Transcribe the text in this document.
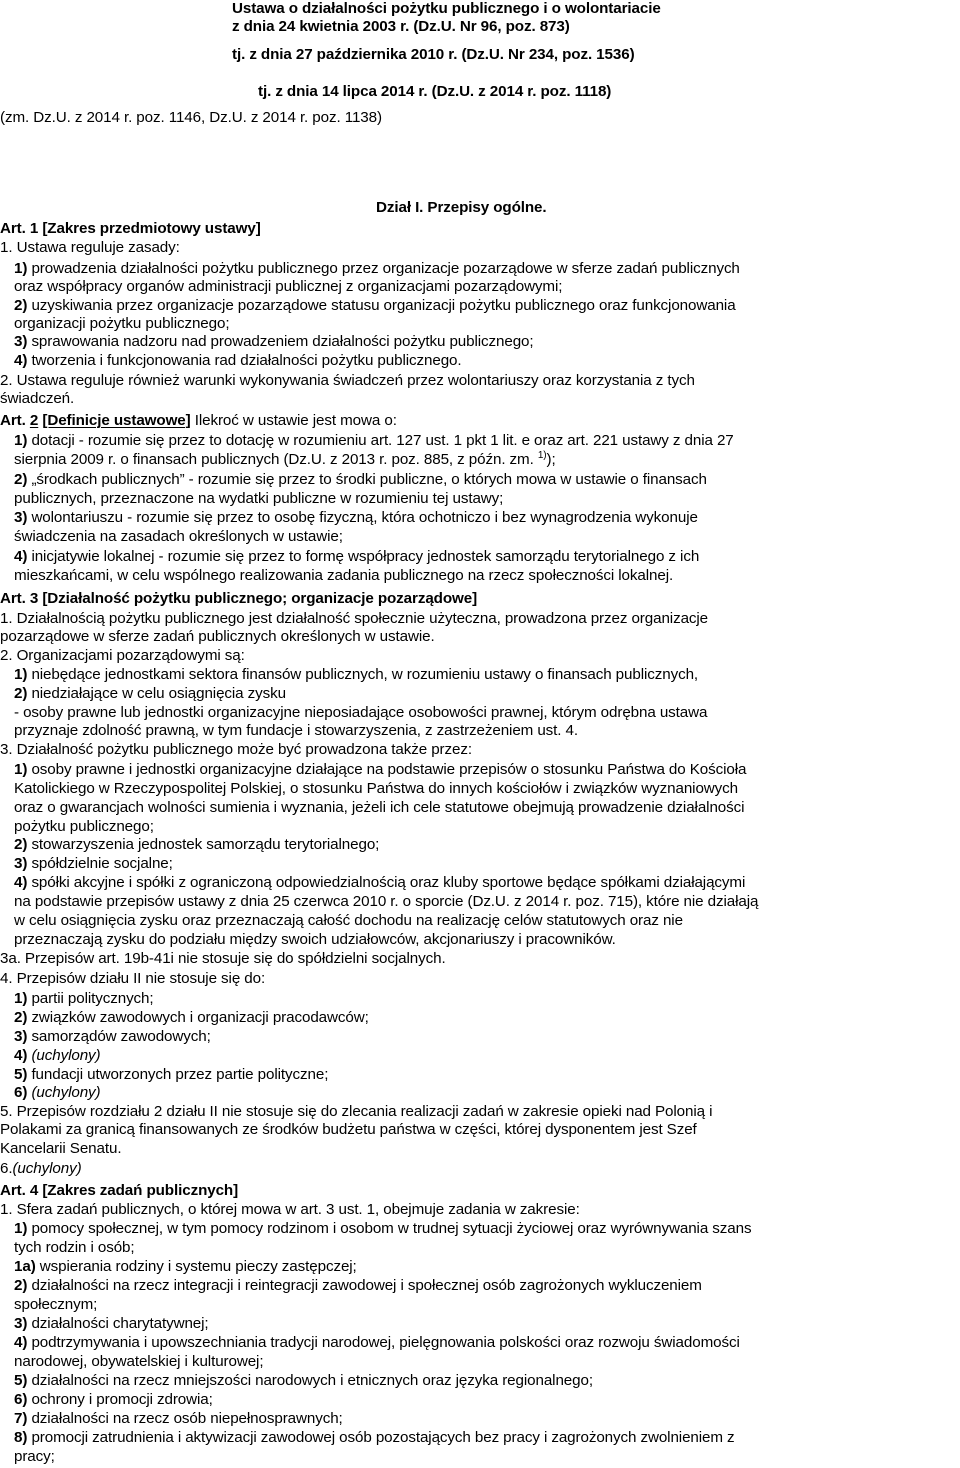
Ustawa o działalności pożytku publicznego i o wolontariacie
z dnia 24 kwietnia 2003 r. (Dz.U. Nr 96, poz. 873)
tj. z dnia 27 października 2010 r. (Dz.U. Nr 234, poz. 1536)
tj. z dnia 14 lipca 2014 r. (Dz.U. z 2014 r. poz. 1118)
(zm. Dz.U. z 2014 r. poz. 1146, Dz.U. z 2014 r. poz. 1138)
Dział I. Przepisy ogólne.
Art. 1 [Zakres przedmiotowy ustawy]
1. Ustawa reguluje zasady:
1) prowadzenia działalności pożytku publicznego przez organizacje pozarządowe w sferze zadań publicznych
oraz współpracy organów administracji publicznej z organizacjami pozarządowymi;
2) uzyskiwania przez organizacje pozarządowe statusu organizacji pożytku publicznego oraz funkcjonowania
organizacji pożytku publicznego;
3) sprawowania nadzoru nad prowadzeniem działalności pożytku publicznego;
4) tworzenia i funkcjonowania rad działalności pożytku publicznego.
2. Ustawa reguluje również warunki wykonywania świadczeń przez wolontariuszy oraz korzystania z tych
świadczeń.
Art. 2 [Definicje ustawowe] Ilekroć w ustawie jest mowa o:
1) dotacji - rozumie się przez to dotację w rozumieniu art. 127 ust. 1 pkt 1 lit. e oraz art. 221 ustawy z dnia 27
sierpnia 2009 r. o finansach publicznych (Dz.U. z 2013 r. poz. 885, z późn. zm. $^{1)}$);
2) „środkach publicznych” - rozumie się przez to środki publiczne, o których mowa w ustawie o finansach
publicznych, przeznaczone na wydatki publiczne w rozumieniu tej ustawy;
3) wolontariuszu - rozumie się przez to osobę fizyczną, która ochotniczo i bez wynagrodzenia wykonuje
świadczenia na zasadach określonych w ustawie;
4) inicjatywie lokalnej - rozumie się przez to formę współpracy jednostek samorządu terytorialnego z ich
mieszkańcami, w celu wspólnego realizowania zadania publicznego na rzecz społeczności lokalnej.
Art. 3 [Działalność pożytku publicznego; organizacje pozarządowe]
1. Działalnością pożytku publicznego jest działalność społecznie użyteczna, prowadzona przez organizacje
pozarządowe w sferze zadań publicznych określonych w ustawie.
2. Organizacjami pozarządowymi są:
1) niebędące jednostkami sektora finansów publicznych, w rozumieniu ustawy o finansach publicznych,
2) niedziałające w celu osiągnięcia zysku
- osoby prawne lub jednostki organizacyjne nieposiadające osobowości prawnej, którym odrębna ustawa
przyznaje zdolność prawną, w tym fundacje i stowarzyszenia, z zastrzeżeniem ust. 4.
3. Działalność pożytku publicznego może być prowadzona także przez:
1) osoby prawne i jednostki organizacyjne działające na podstawie przepisów o stosunku Państwa do Kościoła
Katolickiego w Rzeczypospolitej Polskiej, o stosunku Państwa do innych kościołów i związków wyznaniowych
oraz o gwarancjach wolności sumienia i wyznania, jeżeli ich cele statutowe obejmują prowadzenie działalności
pożytku publicznego;
2) stowarzyszenia jednostek samorządu terytorialnego;
3) spółdzielnie socjalne;
4) spółki akcyjne i spółki z ograniczoną odpowiedzialnością oraz kluby sportowe będące spółkami działającymi
na podstawie przepisów ustawy z dnia 25 czerwca 2010 r. o sporcie (Dz.U. z 2014 r. poz. 715), które nie działają
w celu osiągnięcia zysku oraz przeznaczają całość dochodu na realizację celów statutowych oraz nie
przeznaczają zysku do podziału między swoich udziałowców, akcjonariuszy i pracowników.
3a. Przepisów art. 19b-41i nie stosuje się do spółdzielni socjalnych.
4. Przepisów działu II nie stosuje się do:
1) partii politycznych;
2) związków zawodowych i organizacji pracodawców;
3) samorządów zawodowych;
4) (uchylony)
5) fundacji utworzonych przez partie polityczne;
6) (uchylony)
5. Przepisów rozdziału 2 działu II nie stosuje się do zlecania realizacji zadań w zakresie opieki nad Polonią i
Polakami za granicą finansowanych ze środków budżetu państwa w części, której dysponentem jest Szef
Kancelarii Senatu.
6.(uchylony)
Art. 4 [Zakres zadań publicznych]
1. Sfera zadań publicznych, o której mowa w art. 3 ust. 1, obejmuje zadania w zakresie:
1) pomocy społecznej, w tym pomocy rodzinom i osobom w trudnej sytuacji życiowej oraz wyrównywania szans
tych rodzin i osób;
1a) wspierania rodziny i systemu pieczy zastępczej;
2) działalności na rzecz integracji i reintegracji zawodowej i społecznej osób zagrożonych wykluczeniem
społecznym;
3) działalności charytatywnej;
4) podtrzymywania i upowszechniania tradycji narodowej, pielęgnowania polskości oraz rozwoju świadomości
narodowej, obywatelskiej i kulturowej;
5) działalności na rzecz mniejszości narodowych i etnicznych oraz języka regionalnego;
6) ochrony i promocji zdrowia;
7) działalności na rzecz osób niepełnosprawnych;
8) promocji zatrudnienia i aktywizacji zawodowej osób pozostających bez pracy i zagrożonych zwolnieniem z
pracy;
